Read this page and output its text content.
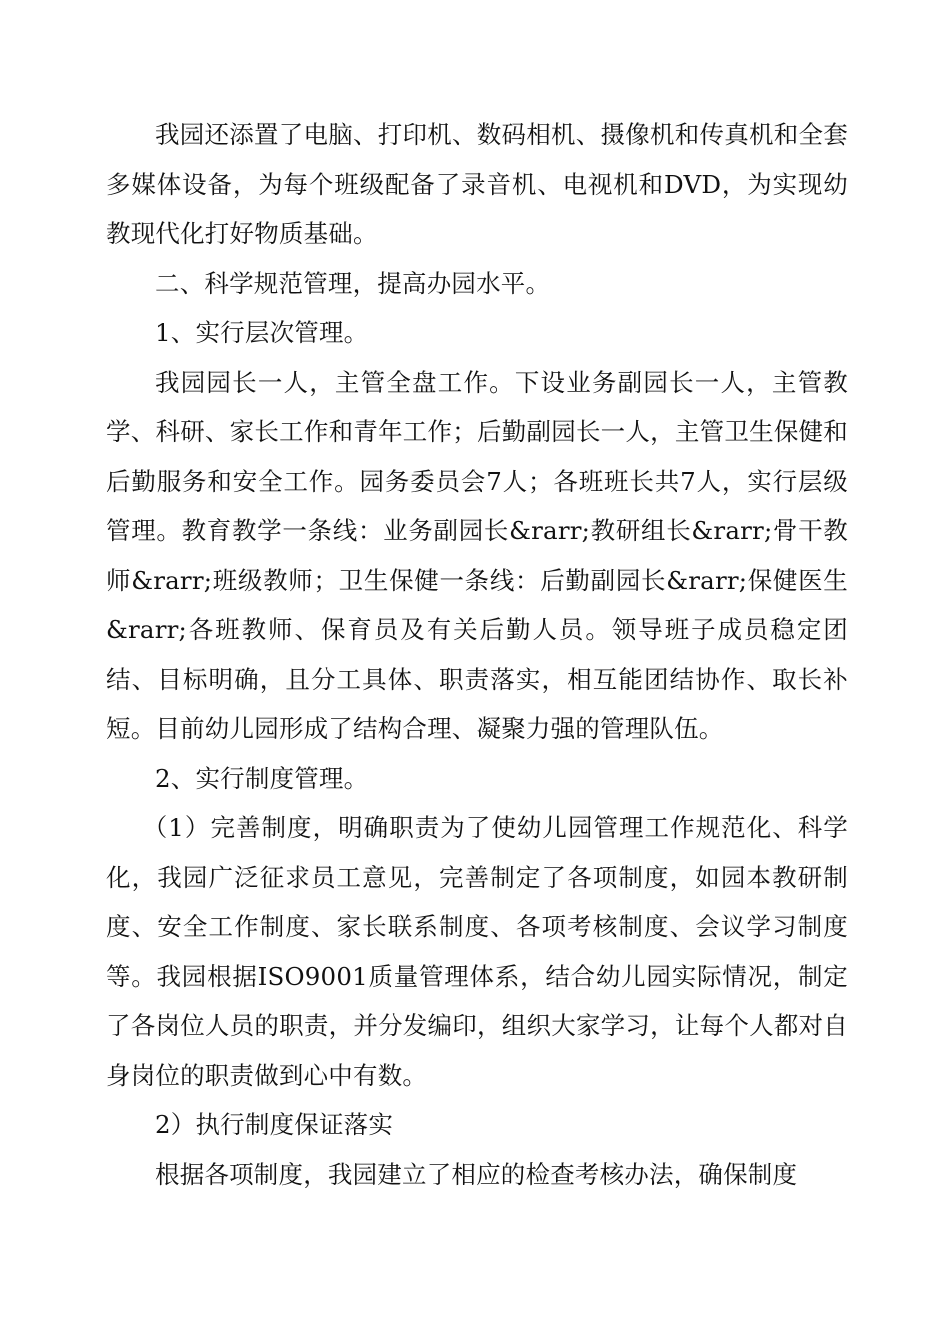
我园还添置了电脑、打印机、数码相机、摄像机和传真机和全套多媒体设备，为每个班级配备了录音机、电视机和DVD，为实现幼教现代化打好物质基础。

二、科学规范管理，提高办园水平。

1、实行层次管理。

我园园长一人，主管全盘工作。下设业务副园长一人，主管教学、科研、家长工作和青年工作；后勤副园长一人，主管卫生保健和后勤服务和安全工作。园务委员会7人；各班班长共7人，实行层级管理。教育教学一条线：业务副园长&rarr;教研组长&rarr;骨干教师&rarr;班级教师；卫生保健一条线：后勤副园长&rarr;保健医生&rarr;各班教师、保育员及有关后勤人员。领导班子成员稳定团结、目标明确，且分工具体、职责落实，相互能团结协作、取长补短。目前幼儿园形成了结构合理、凝聚力强的管理队伍。

2、实行制度管理。

（1）完善制度，明确职责为了使幼儿园管理工作规范化、科学化，我园广泛征求员工意见，完善制定了各项制度，如园本教研制度、安全工作制度、家长联系制度、各项考核制度、会议学习制度等。我园根据ISO9001质量管理体系，结合幼儿园实际情况，制定了各岗位人员的职责，并分发编印，组织大家学习，让每个人都对自身岗位的职责做到心中有数。

2）执行制度保证落实

根据各项制度，我园建立了相应的检查考核办法，确保制度
